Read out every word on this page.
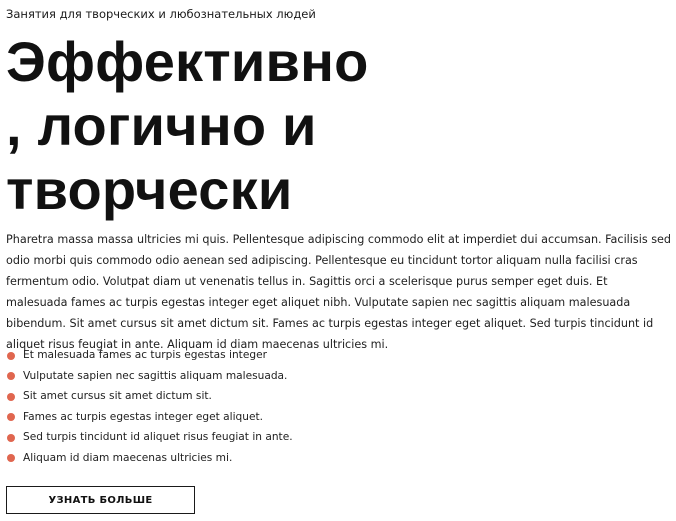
Занятия для творческих и любознательных людей
Эффективно
, логично и
творчески

Pharetra massa massa ultricies mi quis. Pellentesque adipiscing commodo elit at imperdiet dui accumsan. Facilisis sed odio morbi quis commodo odio aenean sed adipiscing. Pellentesque eu tincidunt tortor aliquam nulla facilisi cras fermentum odio. Volutpat diam ut venenatis tellus in. Sagittis orci a scelerisque purus semper eget duis. Et malesuada fames ac turpis egestas integer eget aliquet nibh. Vulputate sapien nec sagittis aliquam malesuada bibendum. Sit amet cursus sit amet dictum sit. Fames ac turpis egestas integer eget aliquet. Sed turpis tincidunt id aliquet risus feugiat in ante. Aliquam id diam maecenas ultricies mi.

Et malesuada fames ac turpis egestas integer
Vulputate sapien nec sagittis aliquam malesuada.
Sit amet cursus sit amet dictum sit.
Fames ac turpis egestas integer eget aliquet.
Sed turpis tincidunt id aliquet risus feugiat in ante.
Aliquam id diam maecenas ultricies mi.
УЗНАТЬ БОЛЬШЕ
